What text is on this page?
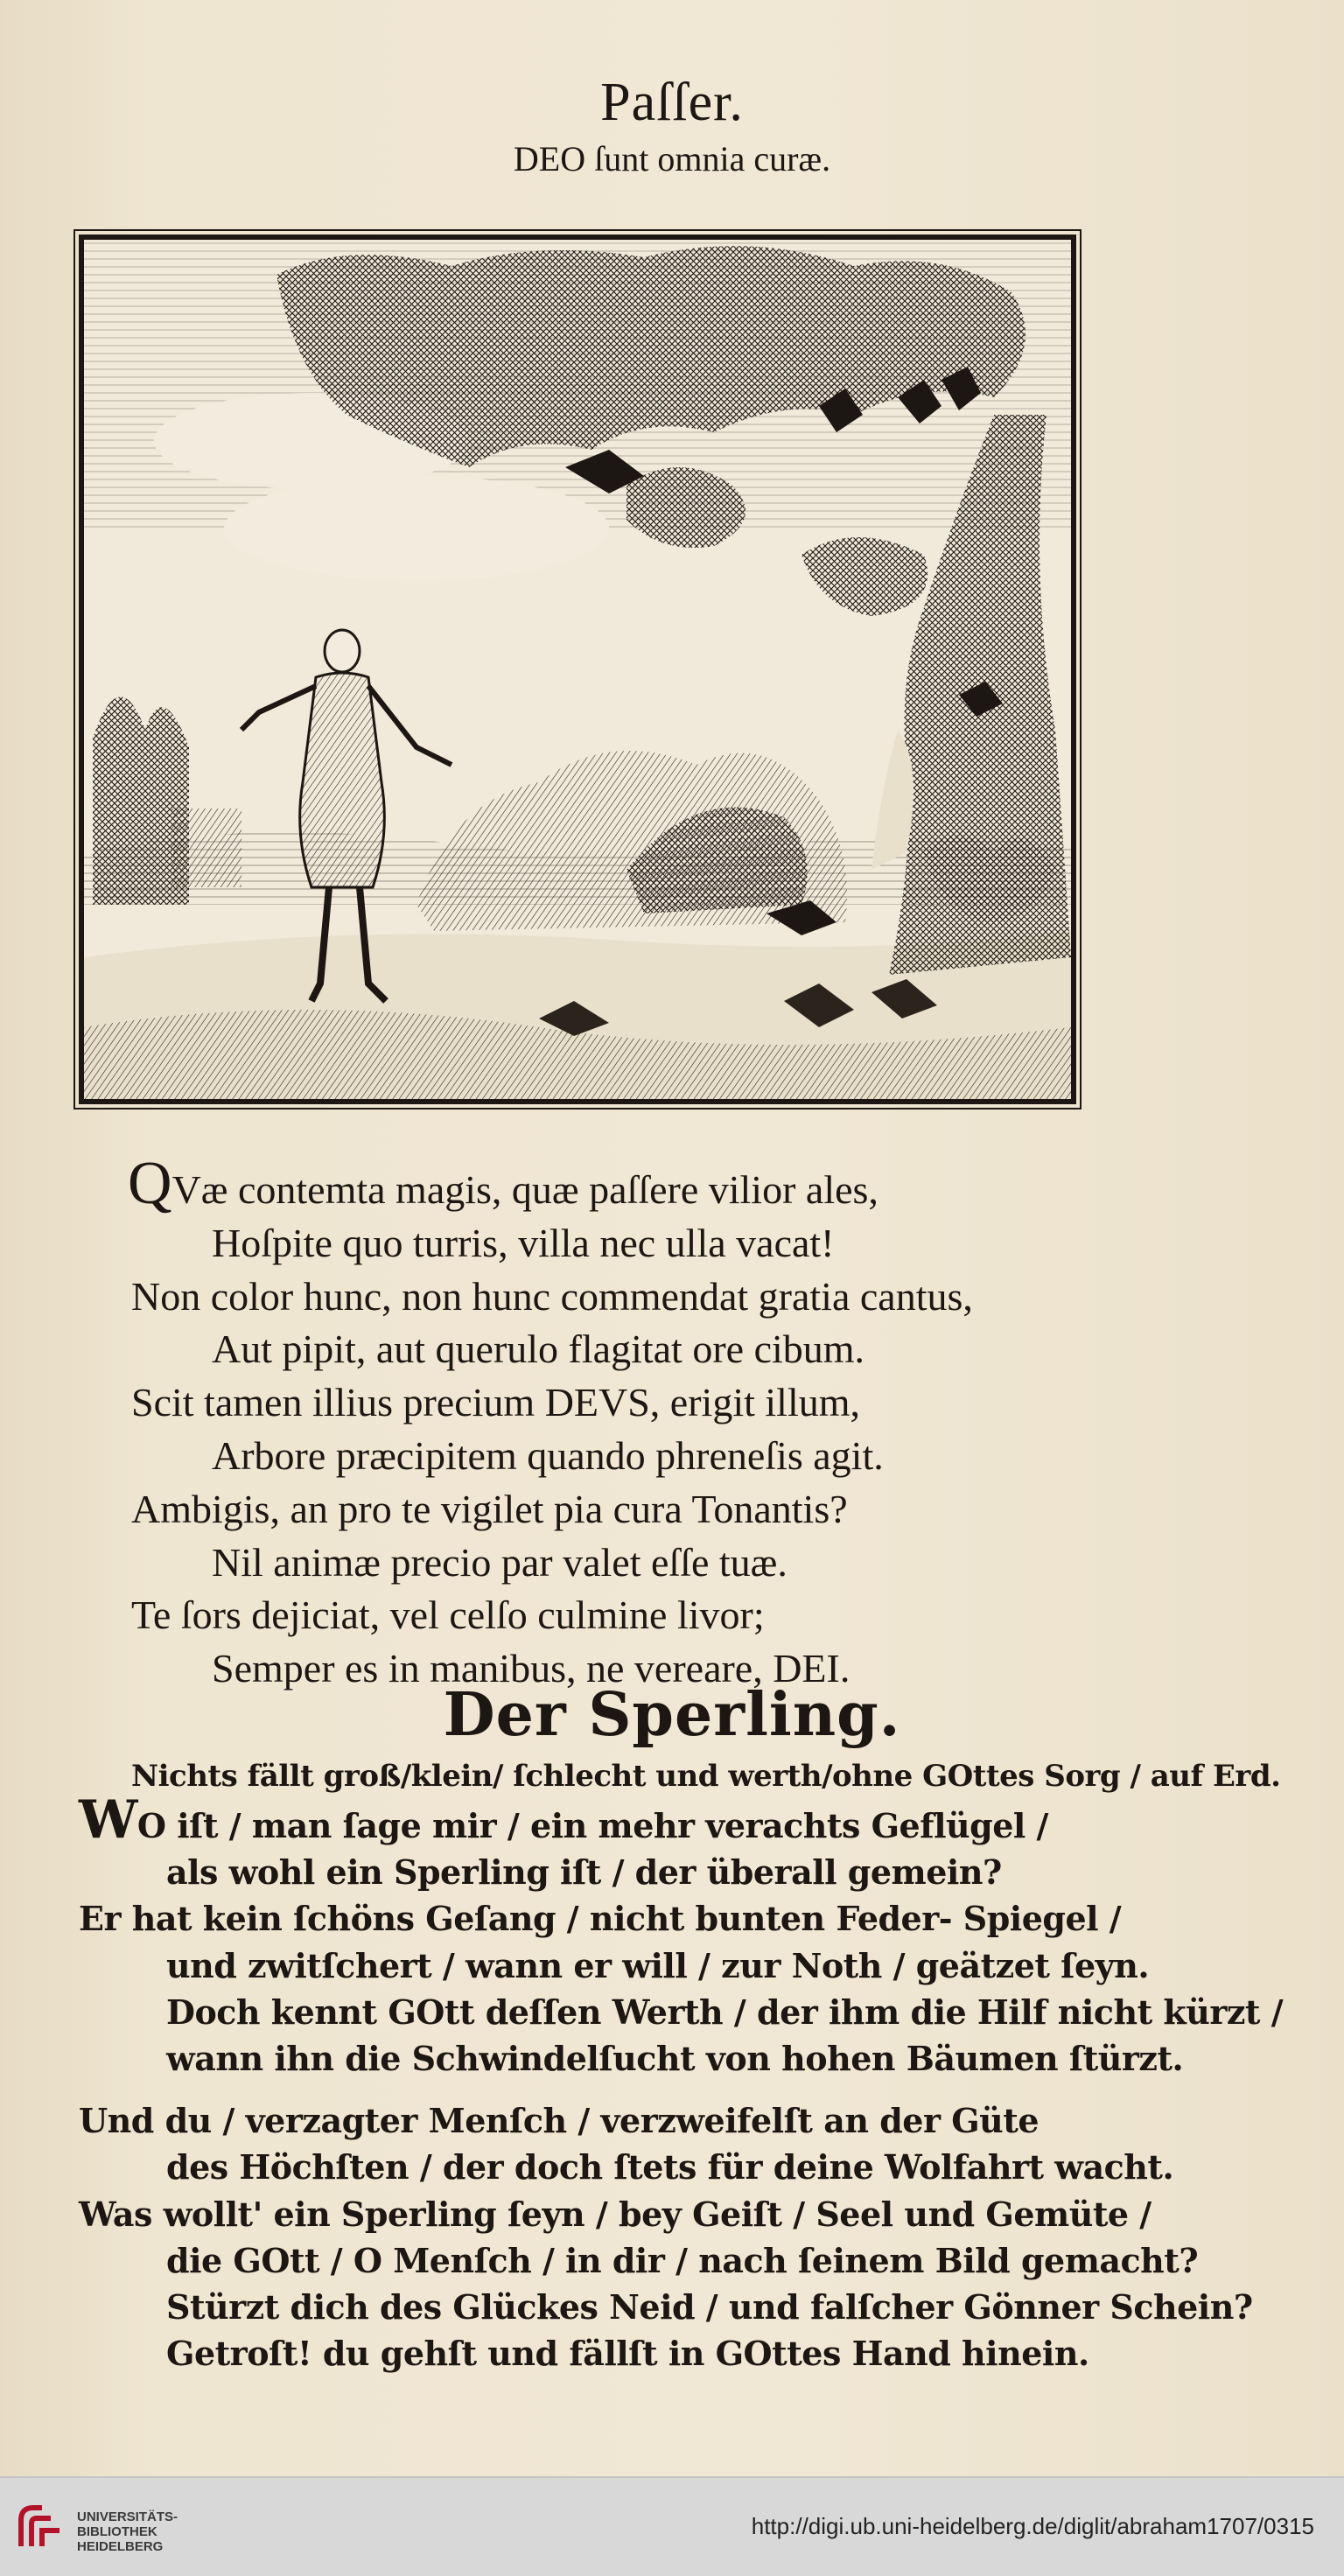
Paſſer.
DEO ſunt omnia curæ.
QVæ contemta magis, quæ paſſere vilior ales,
Hoſpite quo turris, villa nec ulla vacat!
Non color hunc, non hunc commendat gratia cantus,
Aut pipit, aut querulo flagitat ore cibum.
Scit tamen illius precium DEVS, erigit illum,
Arbore præcipitem quando phreneſis agit.
Ambigis, an pro te vigilet pia cura Tonantis?
Nil animæ precio par valet eſſe tuæ.
Te ſors dejiciat, vel celſo culmine livor;
Semper es in manibus, ne vereare, DEI.
Der Sperling.
Nichts fällt groß/klein/ ſchlecht und werth/ohne GOttes Sorg / auf Erd.
WO iſt / man ſage mir / ein mehr verachts Geflügel /
als wohl ein Sperling iſt / der überall gemein?
Er hat kein ſchöns Geſang / nicht bunten Feder- Spiegel /
und zwitſchert / wann er will / zur Noth / geätzet ſeyn.
Doch kennt GOtt deſſen Werth / der ihm die Hilf nicht kürzt /
wann ihn die Schwindelſucht von hohen Bäumen ſtürzt.
Und du / verzagter Menſch / verzweifelſt an der Güte
des Höchſten / der doch ſtets für deine Wolfahrt wacht.
Was wollt' ein Sperling ſeyn / bey Geiſt / Seel und Gemüte /
die GOtt / O Menſch / in dir / nach ſeinem Bild gemacht?
Stürzt dich des Glückes Neid / und falſcher Gönner Schein?
Getroſt! du gehſt und fällſt in GOttes Hand hinein.
UNIVERSITÄTS-
BIBLIOTHEK
HEIDELBERG
http://digi.ub.uni-heidelberg.de/diglit/abraham1707/0315
